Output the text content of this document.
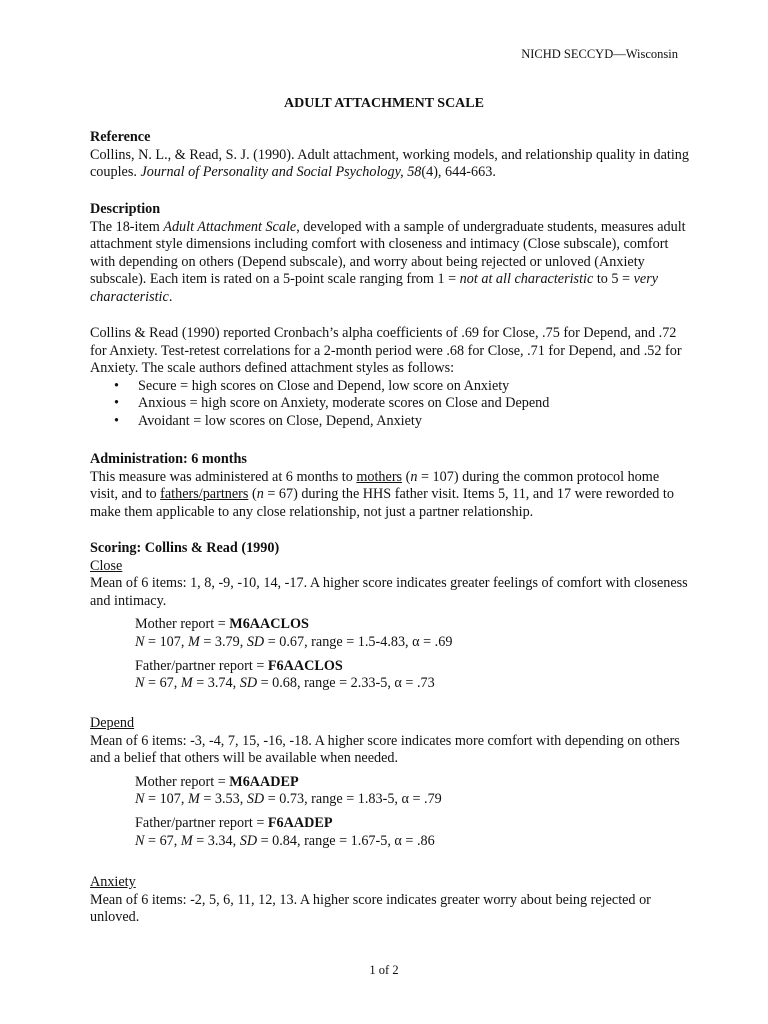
NICHD SECCYD—Wisconsin
ADULT ATTACHMENT SCALE

Reference

Collins, N. L., & Read, S. J. (1990). Adult attachment, working models, and relationship quality in dating couples. Journal of Personality and Social Psychology, 58(4), 644-663.

Description

The 18-item Adult Attachment Scale, developed with a sample of undergraduate students, measures adult attachment style dimensions including comfort with closeness and intimacy (Close subscale), comfort with depending on others (Depend subscale), and worry about being rejected or unloved (Anxiety subscale). Each item is rated on a 5-point scale ranging from 1 = not at all characteristic to 5 = very characteristic.

Collins & Read (1990) reported Cronbach’s alpha coefficients of .69 for Close, .75 for Depend, and .72 for Anxiety. Test-retest correlations for a 2-month period were .68 for Close, .71 for Depend, and .52 for Anxiety. The scale authors defined attachment styles as follows:

• Secure = high scores on Close and Depend, low score on Anxiety
• Anxious = high score on Anxiety, moderate scores on Close and Depend
• Avoidant = low scores on Close, Depend, Anxiety

Administration: 6 months

This measure was administered at 6 months to mothers (n = 107) during the common protocol home visit, and to fathers/partners (n = 67) during the HHS father visit. Items 5, 11, and 17 were reworded to make them applicable to any close relationship, not just a partner relationship.

Scoring: Collins & Read (1990)

Close

Mean of 6 items: 1, 8, -9, -10, 14, -17. A higher score indicates greater feelings of comfort with closeness and intimacy.

Mother report = M6AACLOS

N = 107, M = 3.79, SD = 0.67, range = 1.5-4.83, α = .69

Father/partner report = F6AACLOS

N = 67, M = 3.74, SD = 0.68, range = 2.33-5, α = .73

Depend

Mean of 6 items: -3, -4, 7, 15, -16, -18. A higher score indicates more comfort with depending on others and a belief that others will be available when needed.

Mother report = M6AADEP

N = 107, M = 3.53, SD = 0.73, range = 1.83-5, α = .79

Father/partner report = F6AADEP

N = 67, M = 3.34, SD = 0.84, range = 1.67-5, α = .86

Anxiety

Mean of 6 items: -2, 5, 6, 11, 12, 13. A higher score indicates greater worry about being rejected or unloved.

1 of 2
